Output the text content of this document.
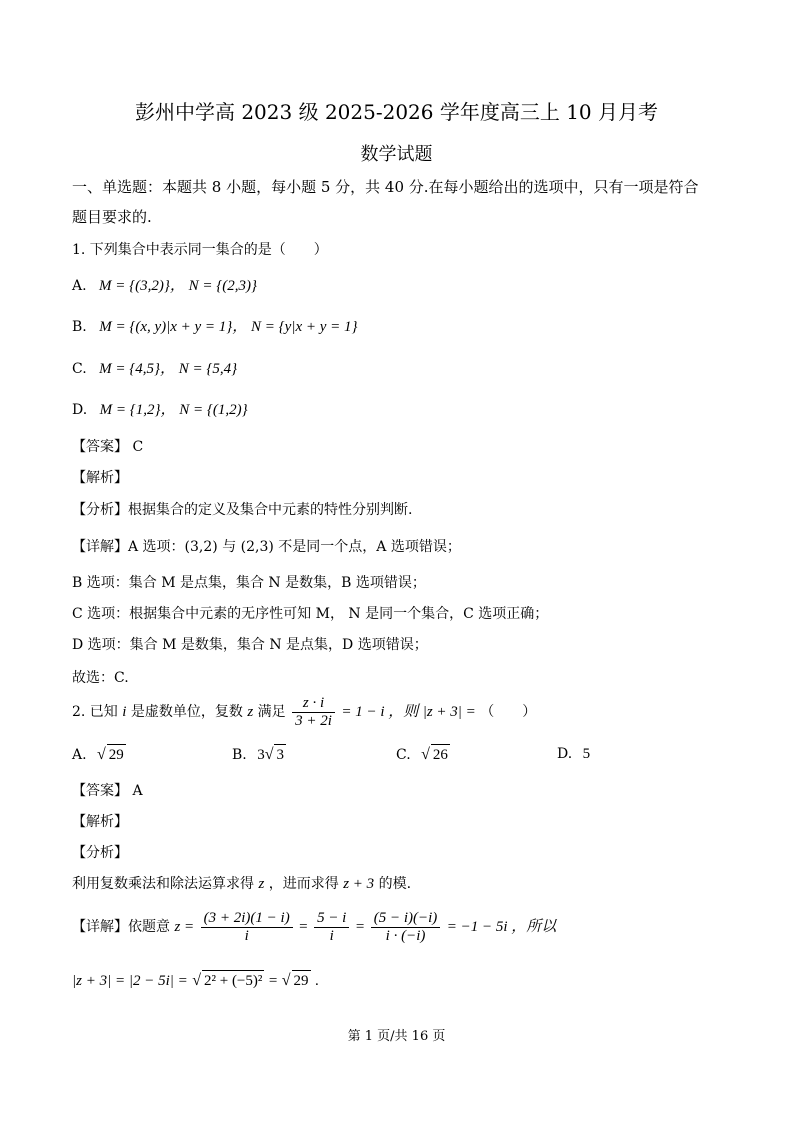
彭州中学高 2023 级 2025-2026 学年度高三上 10 月月考
数学试题
一、单选题：本题共 8 小题，每小题 5 分，共 40 分.在每小题给出的选项中，只有一项是符合
题目要求的.
1. 下列集合中表示同一集合的是（　　）
A. M = {(3,2)}， N = {(2,3)}
B. M = {(x, y)|x + y = 1}， N = {y|x + y = 1}
C. M = {4,5}， N = {5,4}
D. M = {1,2}， N = {(1,2)}
【答案】 C
【解析】
【分析】根据集合的定义及集合中元素的特性分别判断.
【详解】A 选项：(3,2) 与 (2,3) 不是同一个点，A 选项错误；
B 选项：集合 M 是点集，集合 N 是数集，B 选项错误；
C 选项：根据集合中元素的无序性可知 M， N 是同一个集合，C 选项正确；
D 选项：集合 M 是数集，集合 N 是点集，D 选项错误；
故选：C.
2. 已知 i 是虚数单位，复数 z 满足 $\frac{z \cdot i}{3 + 2i} = 1 - i$ ，则 |z + 3| = （　　）
A. √ 29	B. 3√ 3	C. √ 26	D. 5
【答案】 A
【解析】
【分析】
利用复数乘法和除法运算求得 z ，进而求得 z + 3 的模.
【详解】依题意 $z = \frac{(3 + 2i)(1 - i)}{i} = \frac{5 - i}{i} = \frac{(5 - i)(-i)}{i \cdot (-i)} = -1 - 5i$ ，所以
|z + 3| = |2 − 5i| = √ 2² + (−5)² = √ 29 .
第 1 页/共 16 页
